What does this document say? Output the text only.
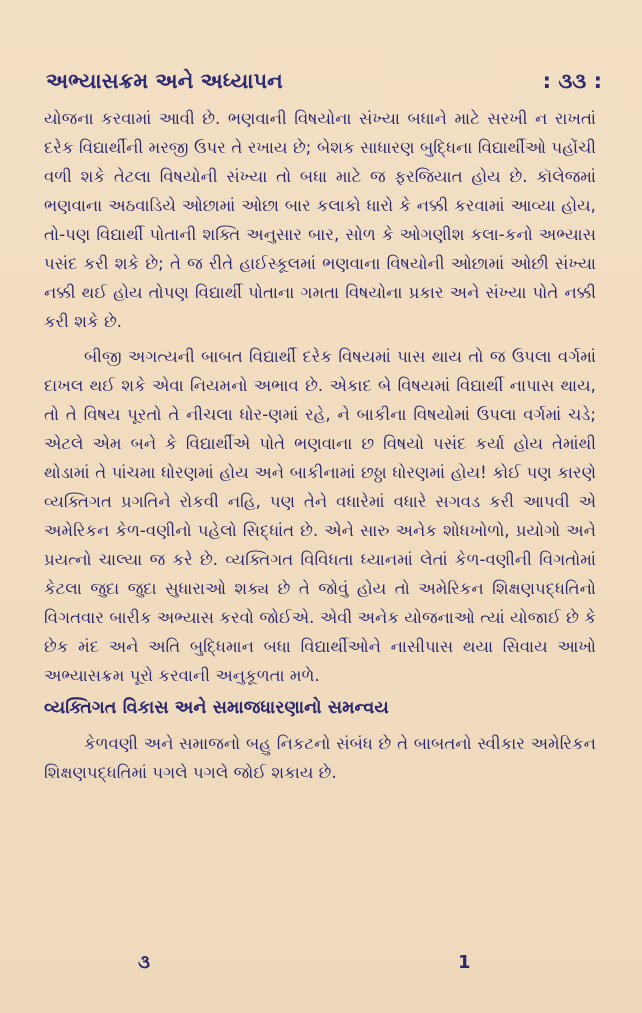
અભ્યાસક્રમ અને અધ્યાપન	: ૩૩ :

યોજના કરવામાં આવી છે. ભણવાની વિષયોના સંખ્યા બધાને માટે સરખી ન રાખતાં દરેક વિદ્યાર્થીની મરજી ઉપર તે રખાય છે; બેશક સાધારણ બુદ્ધિના વિદ્યાર્થીઓ પહોંચી વળી શકે તેટલા વિષયોની સંખ્યા તો બધા માટે જ ફરજિયાત હોય છે. કૉલેજમાં ભણવાના અઠવાડિયે ઓછામાં ઓછા બાર કલાકો ધારો કે નક્કી કરવામાં આવ્યા હોય, તો-પણ વિદ્યાર્થી પોતાની શક્તિ અનુસાર બાર, સોળ કે ઓગણીશ કલા-કનો અભ્યાસ પસંદ કરી શકે છે; તે જ રીતે હાઈસ્કૂલમાં ભણવાના વિષયોની ઓછામાં ઓછી સંખ્યા નક્કી થઈ હોય તોપણ વિદ્યાર્થી પોતાના ગમતા વિષયોના પ્રકાર અને સંખ્યા પોતે નક્કી કરી શકે છે.

બીજી અગત્યની બાબત વિદ્યાર્થી દરેક વિષયમાં પાસ થાય તો જ ઉપલા વર્ગમાં દાખલ થઈ શકે એવા નિયમનો અભાવ છે. એકાદ બે વિષયમાં વિદ્યાર્થી નાપાસ થાય, તો તે વિષય પૂરતો તે નીચલા ધોર-ણમાં રહે, ને બાકીના વિષયોમાં ઉપલા વર્ગમાં ચડે; એટલે એમ બને કે વિદ્યાર્થીએ પોતે ભણવાના છ વિષયો પસંદ કર્યા હોય તેમાંથી થોડામાં તે પાંચમા ધોરણમાં હોય અને બાકીનામાં છઠ્ઠા ધોરણમાં હોય! કોઈ પણ કારણે વ્યક્તિગત પ્રગતિને રોકવી નહિ, પણ તેને વધારેમાં વધારે સગવડ કરી આપવી એ અમેરિકન કેળ-વણીનો પહેલો સિદ્ધાંત છે. એને સારુ અનેક શોધખોળો, પ્રયોગો અને પ્રયત્નો ચાલ્યા જ કરે છે. વ્યક્તિગત વિવિધતા ધ્યાનમાં લેતાં કેળ-વણીની વિગતોમાં કેટલા જુદા જુદા સુધારાઓ શક્ય છે તે જોવું હોય તો અમેરિકન શિક્ષણપદ્ધતિનો વિગતવાર બારીક અભ્યાસ કરવો જોઈએ. એવી અનેક યોજનાઓ ત્યાં યોજાઈ છે કે છેક મંદ અને અતિ બુદ્ધિમાન બધા વિદ્યાર્થીઓને નાસીપાસ થયા સિવાય આખો અભ્યાસક્રમ પૂરો કરવાની અનુકૂળતા મળે.

વ્યક્તિગત વિકાસ અને સમાજધારણાનો સમન્વય

કેળવણી અને સમાજનો બહુ નિકટનો સંબંધ છે તે બાબતનો સ્વીકાર અમેરિકન શિક્ષણપદ્ધતિમાં પગલે પગલે જોઈ શકાય છે.

૩	1
